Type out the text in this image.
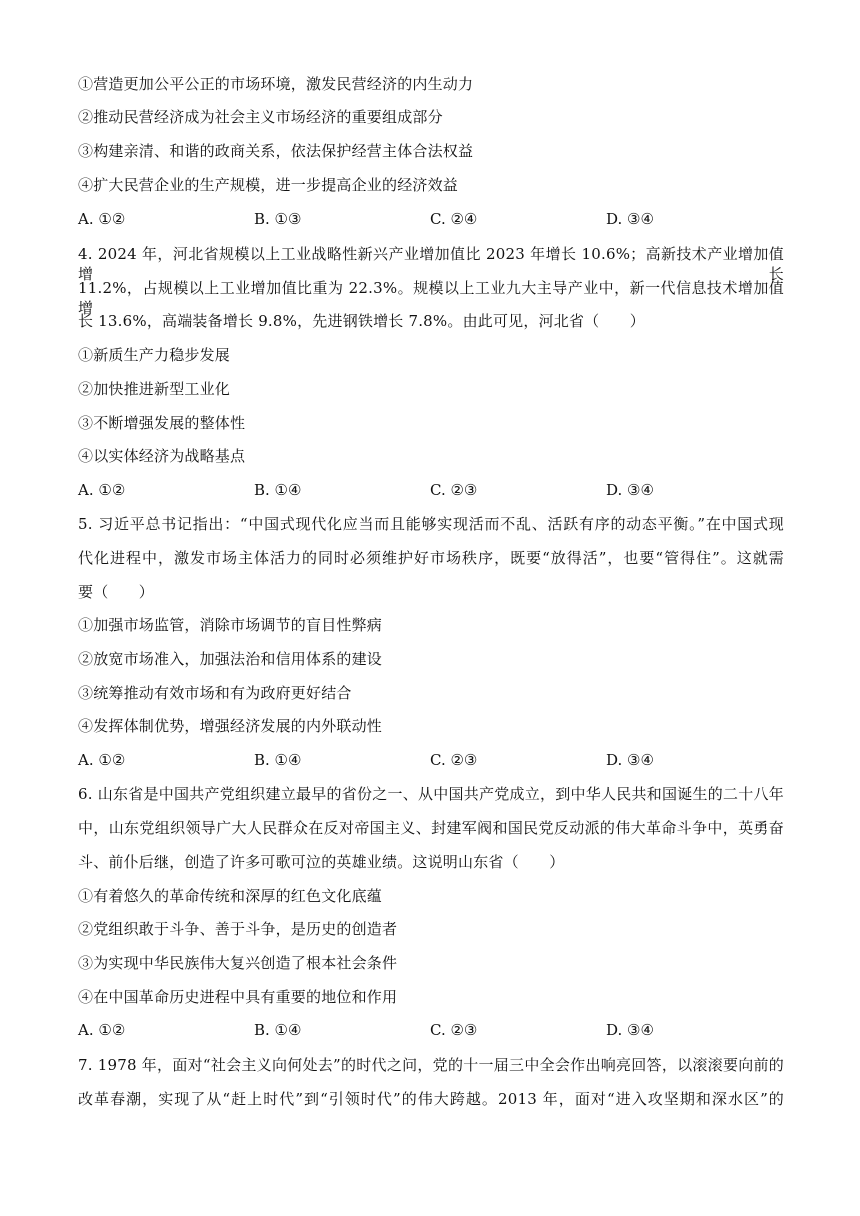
①营造更加公平公正的市场环境，激发民营经济的内生动力
②推动民营经济成为社会主义市场经济的重要组成部分
③构建亲清、和谐的政商关系，依法保护经营主体合法权益
④扩大民营企业的生产规模，进一步提高企业的经济效益
A. ①②	B. ①③	C. ②④	D. ③④
4. 2024 年，河北省规模以上工业战略性新兴产业增加值比 2023 年增长 10.6%；高新技术产业增加值增长
11.2%，占规模以上工业增加值比重为 22.3%。规模以上工业九大主导产业中，新一代信息技术增加值增
长 13.6%，高端装备增长 9.8%，先进钢铁增长 7.8%。由此可见，河北省（　　）
①新质生产力稳步发展
②加快推进新型工业化
③不断增强发展的整体性
④以实体经济为战略基点
A. ①②	B. ①④	C. ②③	D. ③④
5. 习近平总书记指出：“中国式现代化应当而且能够实现活而不乱、活跃有序的动态平衡。”在中国式现
代化进程中，激发市场主体活力的同时必须维护好市场秩序，既要“放得活”，也要“管得住”。这就需
要（　　）
①加强市场监管，消除市场调节的盲目性弊病
②放宽市场准入，加强法治和信用体系的建设
③统筹推动有效市场和有为政府更好结合
④发挥体制优势，增强经济发展的内外联动性
A. ①②	B. ①④	C. ②③	D. ③④
6. 山东省是中国共产党组织建立最早的省份之一、从中国共产党成立，到中华人民共和国诞生的二十八年
中，山东党组织领导广大人民群众在反对帝国主义、封建军阀和国民党反动派的伟大革命斗争中，英勇奋
斗、前仆后继，创造了许多可歌可泣的英雄业绩。这说明山东省（　　）
①有着悠久的革命传统和深厚的红色文化底蕴
②党组织敢于斗争、善于斗争，是历史的创造者
③为实现中华民族伟大复兴创造了根本社会条件
④在中国革命历史进程中具有重要的地位和作用
A. ①②	B. ①④	C. ②③	D. ③④
7. 1978 年，面对“社会主义向何处去”的时代之问，党的十一届三中全会作出响亮回答，以滚滚要向前的
改革春潮，实现了从“赶上时代”到“引领时代”的伟大跨越。2013 年，面对“进入攻坚期和深水区”的
